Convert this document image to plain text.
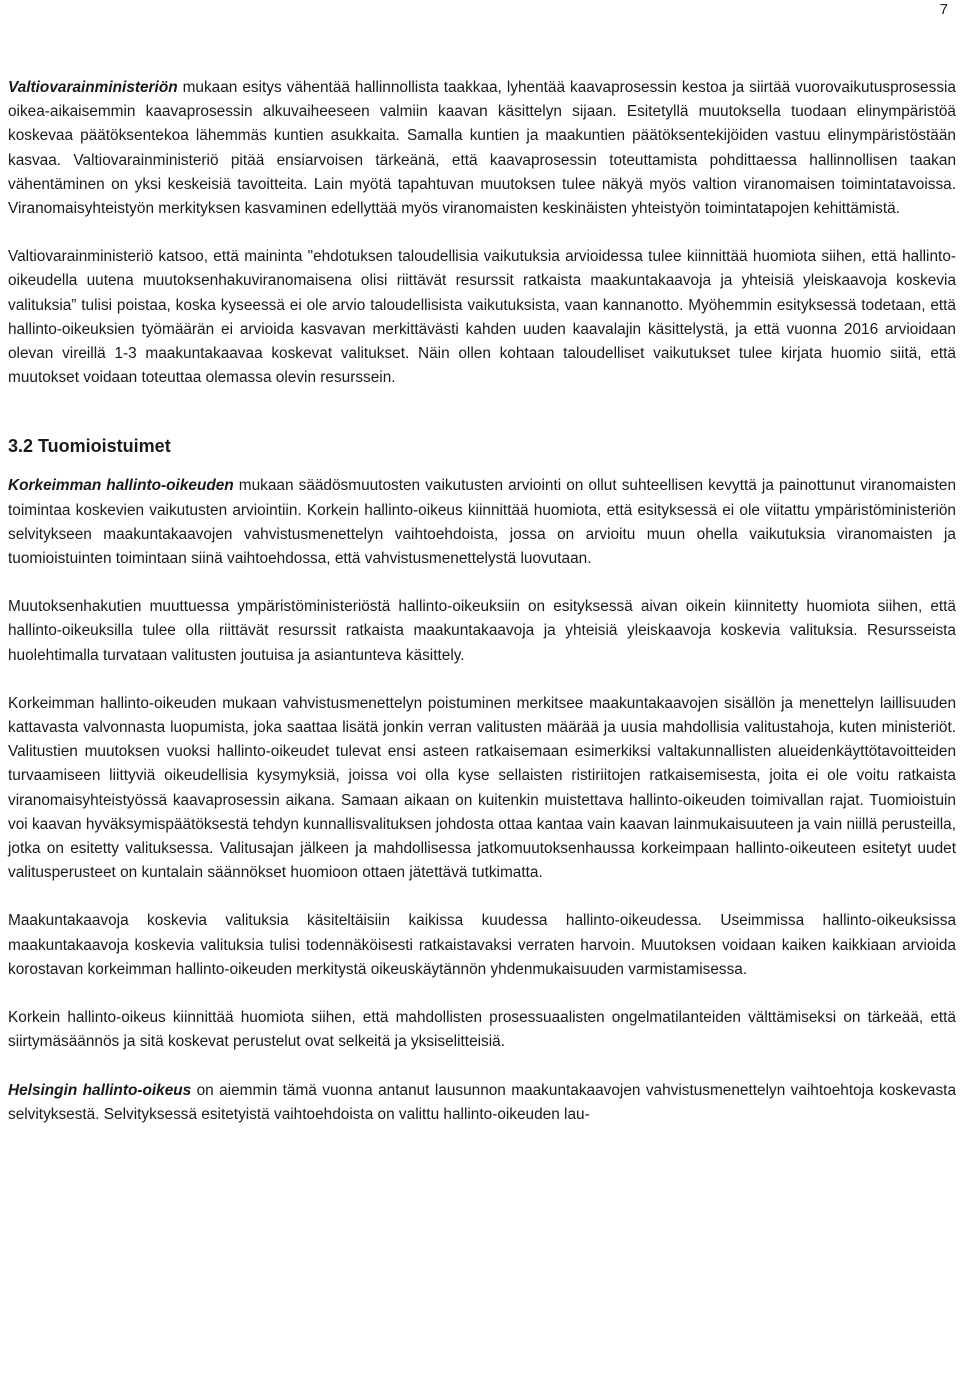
7

Valtiovarainministeriön mukaan esitys vähentää hallinnollista taakkaa, lyhentää kaavaprosessin kestoa ja siirtää vuorovaikutusprosessia oikea-aikaisemmin kaavaprosessin alkuvaiheeseen valmiin kaavan käsittelyn sijaan. Esitetyllä muutoksella tuodaan elinympäristöä koskevaa päätöksentekoa lähemmäs kuntien asukkaita. Samalla kuntien ja maakuntien päätöksentekijöiden vastuu elinympäristöstään kasvaa. Valtiovarainministeriö pitää ensiarvoisen tärkeänä, että kaavaprosessin toteuttamista pohdittaessa hallinnollisen taakan vähentäminen on yksi keskeisiä tavoitteita. Lain myötä tapahtuvan muutoksen tulee näkyä myös valtion viranomaisen toimintatavoissa. Viranomaisyhteistyön merkityksen kasvaminen edellyttää myös viranomaisten keskinäisten yhteistyön toimintatapojen kehittämistä.

Valtiovarainministeriö katsoo, että maininta "ehdotuksen taloudellisia vaikutuksia arvioidessa tulee kiinnittää huomiota siihen, että hallinto-oikeudella uutena muutoksenhakuviranomaisena olisi riittävät resurssit ratkaista maakuntakaavoja ja yhteisiä yleiskaavoja koskevia valituksia” tulisi poistaa, koska kyseessä ei ole arvio taloudellisista vaikutuksista, vaan kannanotto. Myöhemmin esityksessä todetaan, että hallinto-oikeuksien työmäärän ei arvioida kasvavan merkittävästi kahden uuden kaavalajin käsittelystä, ja että vuonna 2016 arvioidaan olevan vireillä 1-3 maakuntakaavaa koskevat valitukset. Näin ollen kohtaan taloudelliset vaikutukset tulee kirjata huomio siitä, että muutokset voidaan toteuttaa olemassa olevin resurssein.

3.2 Tuomioistuimet

Korkeimman hallinto-oikeuden mukaan säädösmuutosten vaikutusten arviointi on ollut suhteellisen kevyttä ja painottunut viranomaisten toimintaa koskevien vaikutusten arviointiin. Korkein hallinto-oikeus kiinnittää huomiota, että esityksessä ei ole viitattu ympäristöministeriön selvitykseen maakuntakaavojen vahvistusmenettelyn vaihtoehdoista, jossa on arvioitu muun ohella vaikutuksia viranomaisten ja tuomioistuinten toimintaan siinä vaihtoehdossa, että vahvistusmenettelystä luovutaan.

Muutoksenhakutien muuttuessa ympäristöministeriöstä hallinto-oikeuksiin on esityksessä aivan oikein kiinnitetty huomiota siihen, että hallinto-oikeuksilla tulee olla riittävät resurssit ratkaista maakuntakaavoja ja yhteisiä yleiskaavoja koskevia valituksia. Resursseista huolehtimalla turvataan valitusten joutuisa ja asiantunteva käsittely.

Korkeimman hallinto-oikeuden mukaan vahvistusmenettelyn poistuminen merkitsee maakuntakaavojen sisällön ja menettelyn laillisuuden kattavasta valvonnasta luopumista, joka saattaa lisätä jonkin verran valitusten määrää ja uusia mahdollisia valitustahoja, kuten ministeriöt. Valitustien muutoksen vuoksi hallinto-oikeudet tulevat ensi asteen ratkaisemaan esimerkiksi valtakunnallisten alueidenkäyttötavoitteiden turvaamiseen liittyviä oikeudellisia kysymyksiä, joissa voi olla kyse sellaisten ristiriitojen ratkaisemisesta, joita ei ole voitu ratkaista viranomaisyhteistyössä kaavaprosessin aikana. Samaan aikaan on kuitenkin muistettava hallinto-oikeuden toimivallan rajat. Tuomioistuin voi kaavan hyväksymispäätöksestä tehdyn kunnallisvalituksen johdosta ottaa kantaa vain kaavan lainmukaisuuteen ja vain niillä perusteilla, jotka on esitetty valituksessa. Valitusajan jälkeen ja mahdollisessa jatkomuutoksenhaussa korkeimpaan hallinto-oikeuteen esitetyt uudet valitusperusteet on kuntalain säännökset huomioon ottaen jätettävä tutkimatta.

Maakuntakaavoja koskevia valituksia käsiteltäisiin kaikissa kuudessa hallinto-oikeudessa. Useimmissa hallinto-oikeuksissa maakuntakaavoja koskevia valituksia tulisi todennäköisesti ratkaistavaksi verraten harvoin. Muutoksen voidaan kaiken kaikkiaan arvioida korostavan korkeimman hallinto-oikeuden merkitystä oikeuskäytännön yhdenmukaisuuden varmistamisessa.

Korkein hallinto-oikeus kiinnittää huomiota siihen, että mahdollisten prosessuaalisten ongelmatilanteiden välttämiseksi on tärkeää, että siirtymäsäännös ja sitä koskevat perustelut ovat selkeitä ja yksiselitteisiä.

Helsingin hallinto-oikeus on aiemmin tämä vuonna antanut lausunnon maakuntakaavojen vahvistusmenettelyn vaihtoehtoja koskevasta selvityksestä. Selvityksessä esitetyistä vaihtoehdoista on valittu hallinto-oikeuden lau-
